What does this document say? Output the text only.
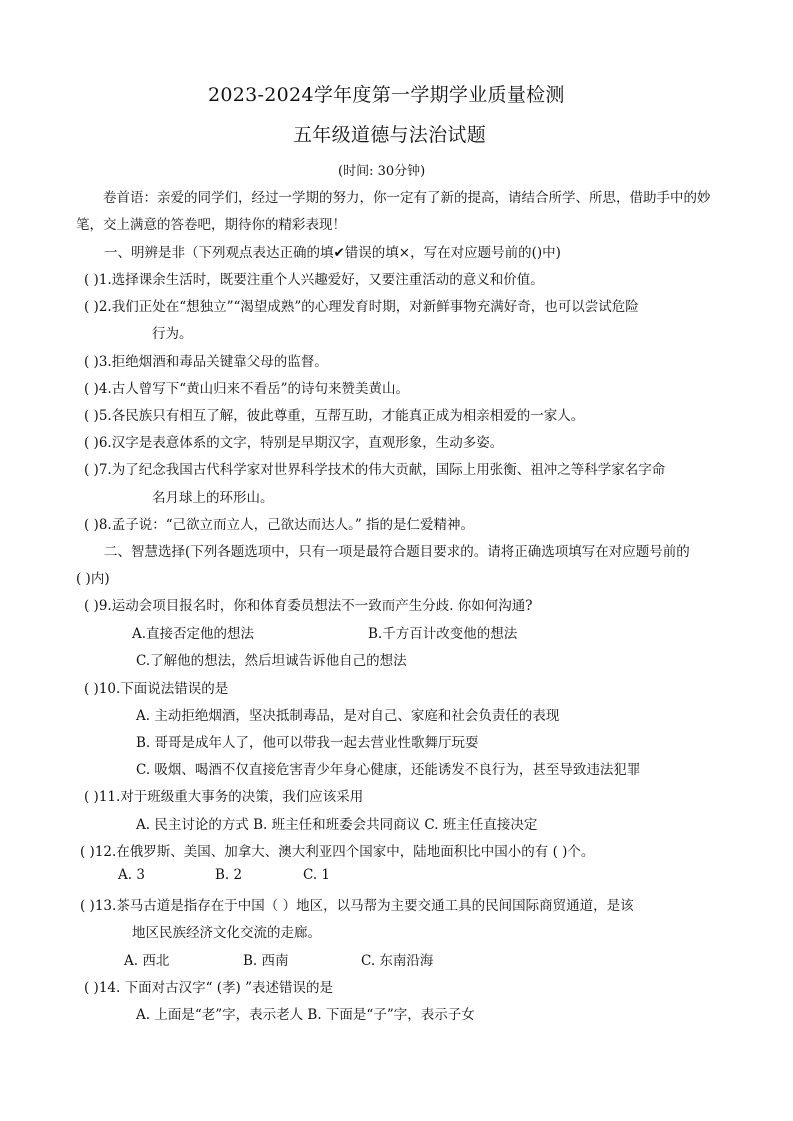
2023-2024学年度第一学期学业质量检测
五年级道德与法治试题
(时间: 30分钟)
卷首语：亲爱的同学们，经过一学期的努力，你一定有了新的提高，请结合所学、所思，借助手中的妙笔，交上满意的答卷吧，期待你的精彩表现！
一、明辨是非（下列观点表达正确的填✔错误的填×，写在对应题号前的()中)
( )1.选择课余生活时，既要注重个人兴趣爱好，又要注重活动的意义和价值。
( )2.我们正处在“想独立”“渴望成熟”的心理发育时期，对新鲜事物充满好奇，也可以尝试危险
行为。
( )3.拒绝烟酒和毒品关键靠父母的监督。
( )4.古人曾写下“黄山归来不看岳”的诗句来赞美黄山。
( )5.各民族只有相互了解，彼此尊重，互帮互助，才能真正成为相亲相爱的一家人。
( )6.汉字是表意体系的文字，特别是早期汉字，直观形象，生动多姿。
( )7.为了纪念我国古代科学家对世界科学技术的伟大贡献，国际上用张衡、祖冲之等科学家名字命
名月球上的环形山。
( )8.孟子说：“己欲立而立人，己欲达而达人。” 指的是仁爱精神。
二、智慧选择(下列各题选项中，只有一项是最符合题目要求的。请将正确选项填写在对应题号前的
( )内)
( )9.运动会项目报名时，你和体育委员想法不一致而产生分歧. 你如何沟通?
A.直接否定他的想法	B.千方百计改变他的想法
C.了解他的想法，然后坦诚告诉他自己的想法
( )10.下面说法错误的是
A. 主动拒绝烟酒，坚决抵制毒品，是对自己、家庭和社会负责任的表现
B. 哥哥是成年人了，他可以带我一起去营业性歌舞厅玩耍
C. 吸烟、喝酒不仅直接危害青少年身心健康，还能诱发不良行为，甚至导致违法犯罪
( )11.对于班级重大事务的决策，我们应该采用
A. 民主讨论的方式 B. 班主任和班委会共同商议 C. 班主任直接决定
( )12.在俄罗斯、美国、加拿大、澳大利亚四个国家中，陆地面积比中国小的有 ( )个。
A. 3	B. 2	C. 1
( )13.茶马古道是指存在于中国（ ）地区，以马帮为主要交通工具的民间国际商贸通道，是该
地区民族经济文化交流的走廊。
A. 西北	B. 西南	C. 东南沿海
( )14. 下面对古汉字“ (孝) ”表述错误的是
A. 上面是“老”字，表示老人 B. 下面是“子”字，表示子女
